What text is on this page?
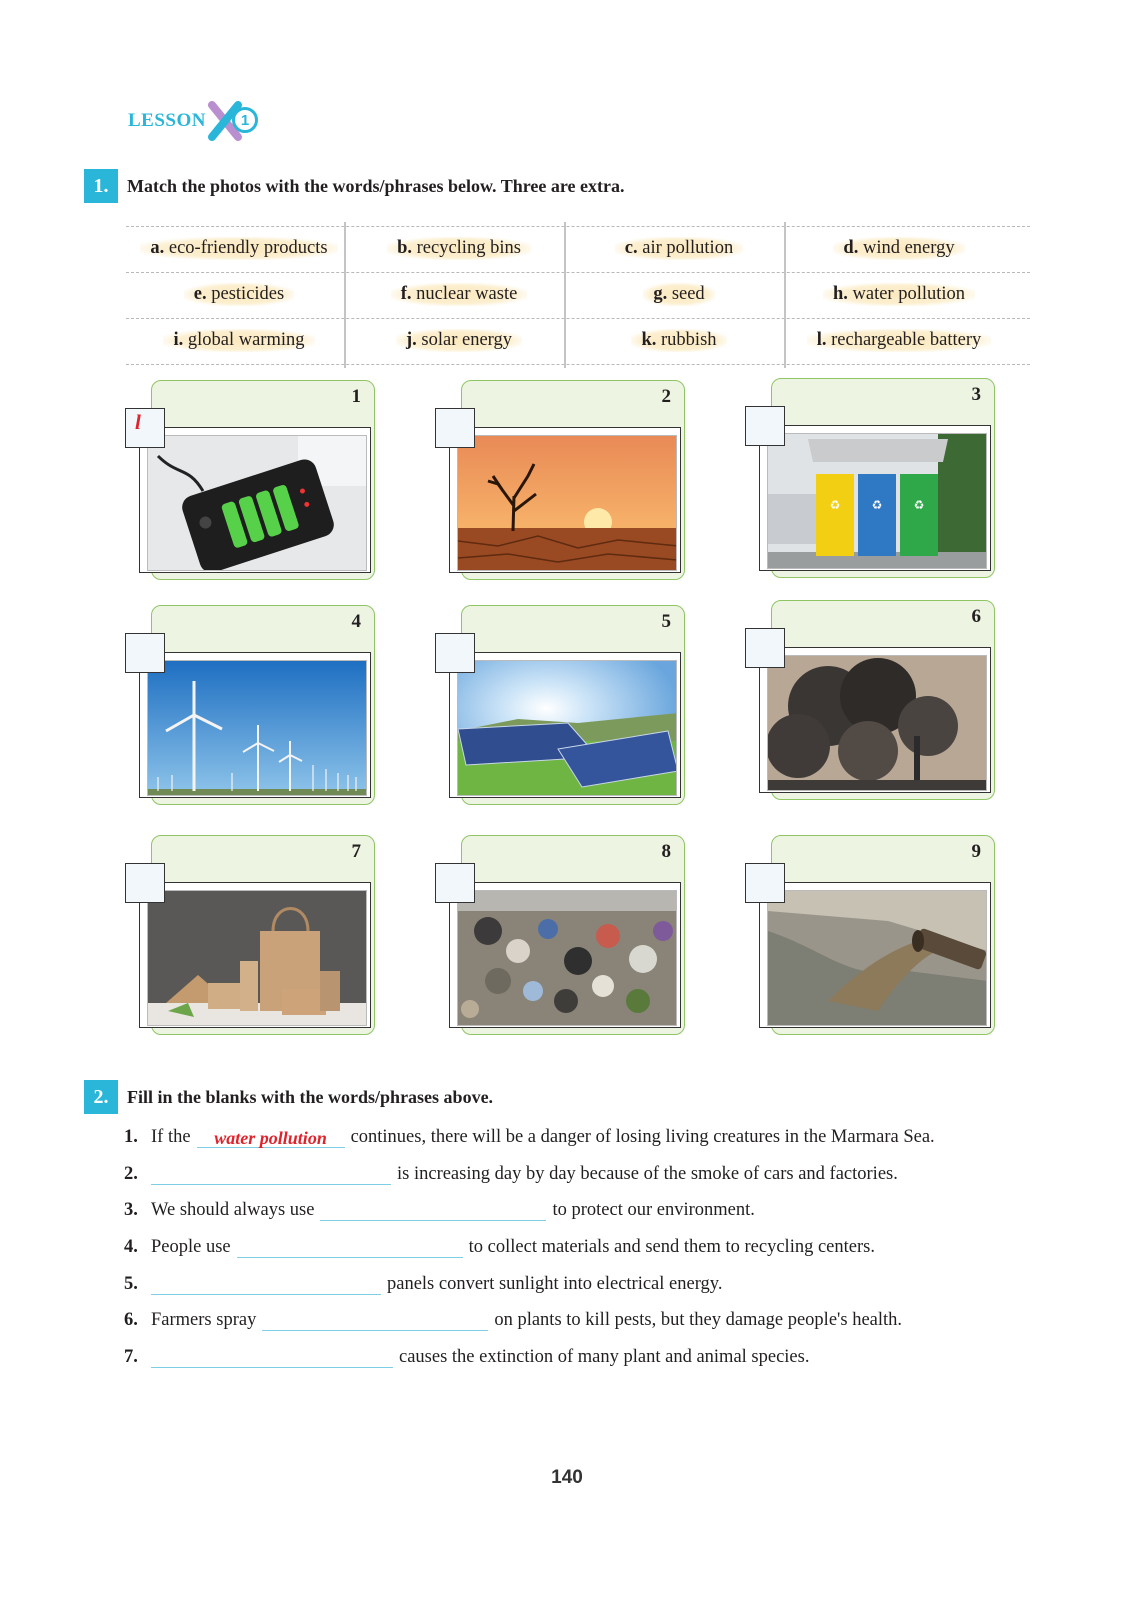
LESSON	1
1.	Match the photos with the words/phrases below. Three are extra.
a. eco-friendly products	b. recycling bins	c. air pollution	d. wind energy
e. pesticides	f. nuclear waste	g. seed	h. water pollution
i. global warming	j. solar energy	k. rubbish	l. rechargeable battery
1
l
2	3
♻	♻	♻
4	5	6
7	8	9
2.	Fill in the blanks with the words/phrases above.
1. If the	water pollution	continues, there will be a danger of losing living creatures in the Marmara Sea.
2.	is increasing day by day because of the smoke of cars and factories.
3. We should always use	to protect our environment.
4. People use	to collect materials and send them to recycling centers.
5.	panels convert sunlight into electrical energy.
6. Farmers spray	on plants to kill pests, but they damage people's health.
7.	causes the extinction of many plant and animal species.
140
